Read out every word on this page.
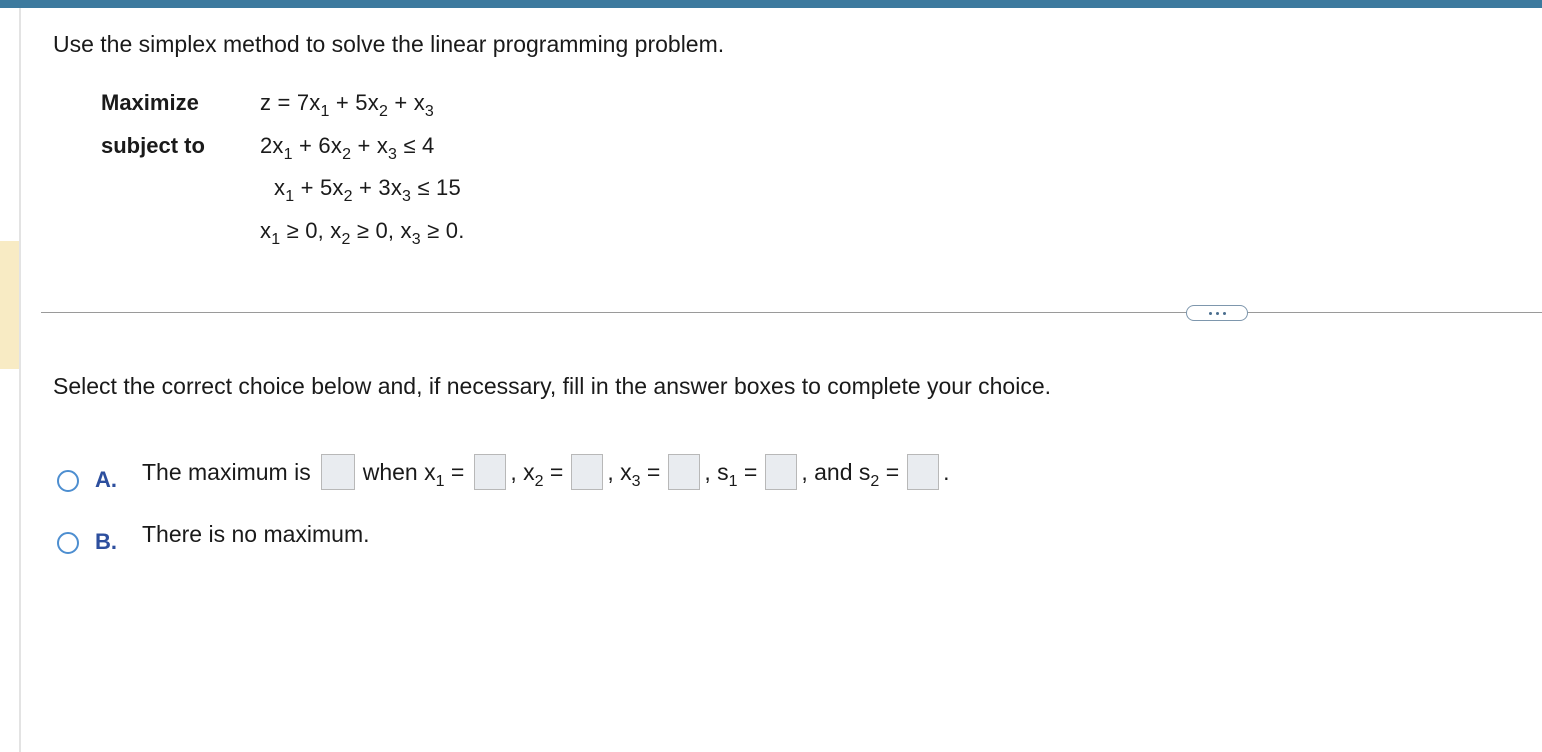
Use the simplex method to solve the linear programming problem.
Maximize
subject to
$z = 7x_1 + 5x_2 + x_3$
$2x_1 + 6x_2 + x_3 \le 4$
$x_1 + 5x_2 + 3x_3 \le 15$
$x_1 \ge 0$, $x_2 \ge 0$, $x_3 \ge 0$.
Select the correct choice below and, if necessary, fill in the answer boxes to complete your choice.
A. The maximum is when $x_1$ = , $x_2$ = , $x_3$ = , $s_1$ = , and $s_2$ = .
B. There is no maximum.
